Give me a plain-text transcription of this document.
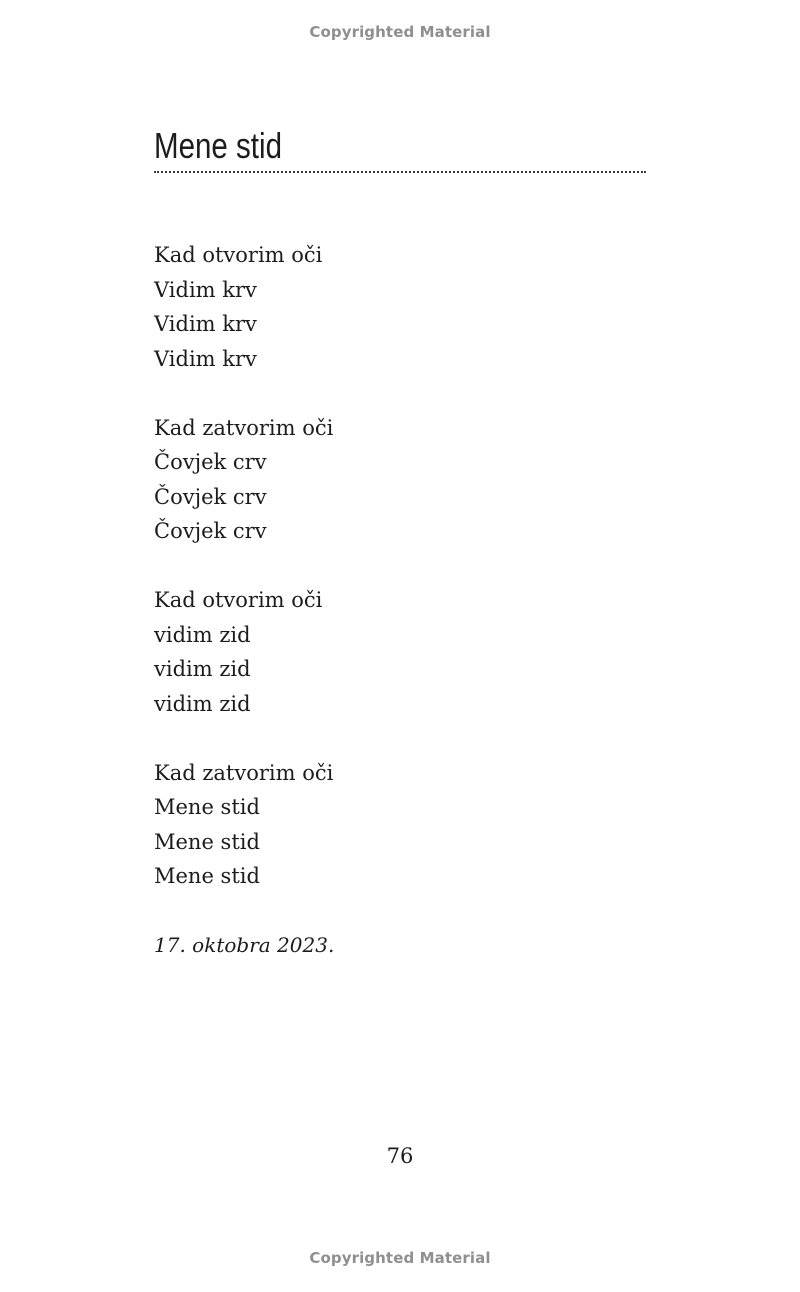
Copyrighted Material
Mene stid
Kad otvorim oči
Vidim krv
Vidim krv
Vidim krv
Kad zatvorim oči
Čovjek crv
Čovjek crv
Čovjek crv
Kad otvorim oči
vidim zid
vidim zid
vidim zid
Kad zatvorim oči
Mene stid
Mene stid
Mene stid
17. oktobra 2023.
76
Copyrighted Material
